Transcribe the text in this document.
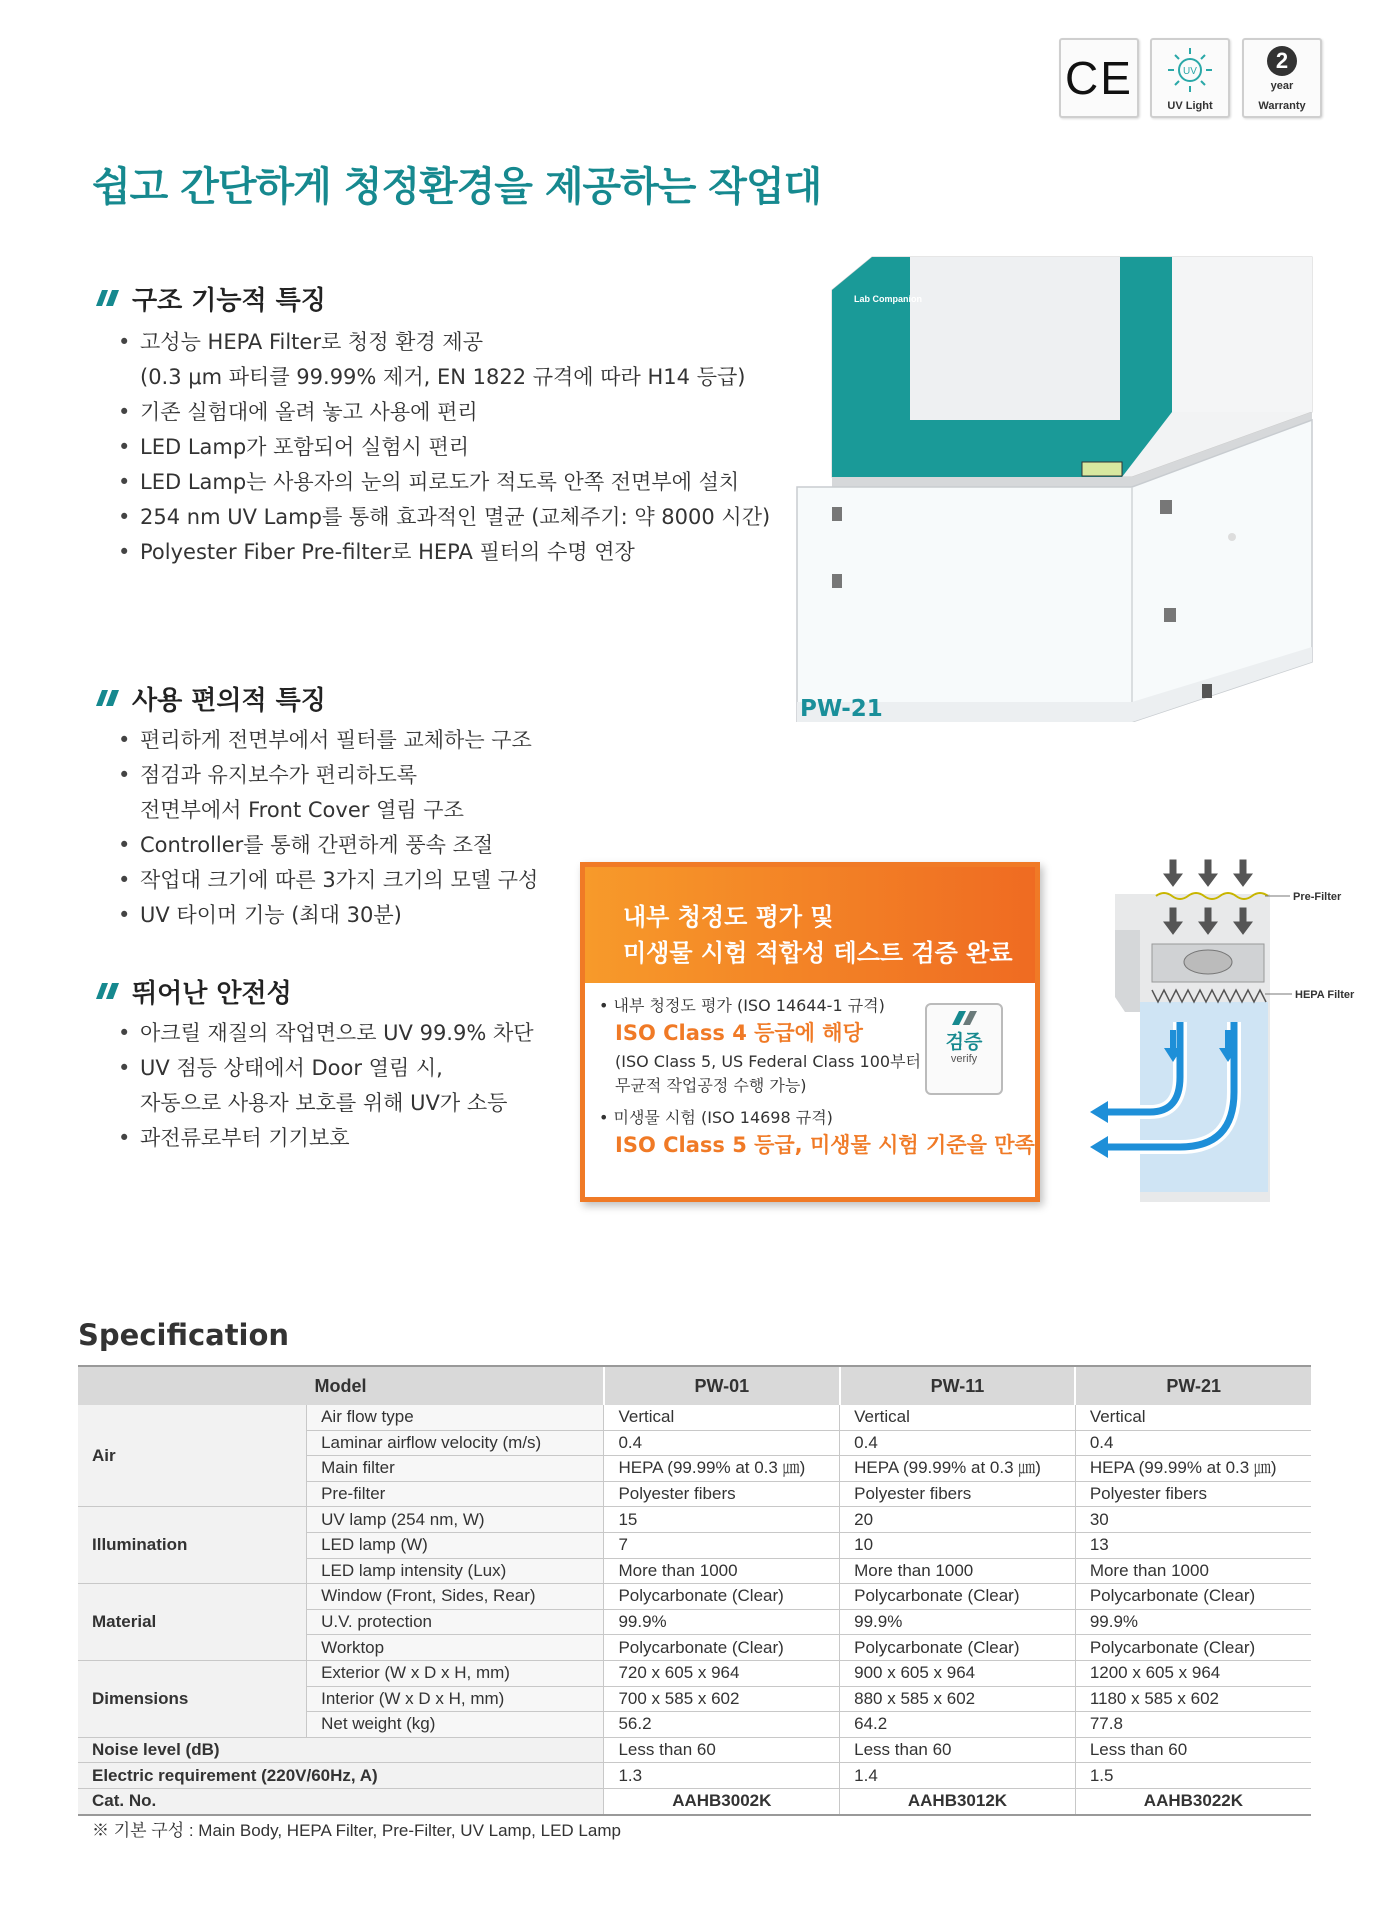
CE	UV
UV Light
2
year
Warranty
쉽고 간단하게 청정환경을 제공하는 작업대
구조 기능적 특징
• 고성능 HEPA Filter로 청정 환경 제공
(0.3 μm 파티클 99.99% 제거, EN 1822 규격에 따라 H14 등급)
• 기존 실험대에 올려 놓고 사용에 편리
• LED Lamp가 포함되어 실험시 편리
• LED Lamp는 사용자의 눈의 피로도가 적도록 안쪽 전면부에 설치
• 254 nm UV Lamp를 통해 효과적인 멸균 (교체주기: 약 8000 시간)
• Polyester Fiber Pre-filter로 HEPA 필터의 수명 연장
사용 편의적 특징
• 편리하게 전면부에서 필터를 교체하는 구조
• 점검과 유지보수가 편리하도록
전면부에서 Front Cover 열림 구조
• Controller를 통해 간편하게 풍속 조절
• 작업대 크기에 따른 3가지 크기의 모델 구성
• UV 타이머 기능 (최대 30분)
뛰어난 안전성
• 아크릴 재질의 작업면으로 UV 99.9% 차단
• UV 점등 상태에서 Door 열림 시,
자동으로 사용자 보호를 위해 UV가 소등
• 과전류로부터 기기보호
Lab Companion
PW-21
내부 청정도 평가 및
미생물 시험 적합성 테스트 검증 완료
• 내부 청정도 평가 (ISO 14644-1 규격)
ISO Class 4 등급에 해당
(ISO Class 5, US Federal Class 100부터
무균적 작업공정 수행 가능)
• 미생물 시험 (ISO 14698 규격)
ISO Class 5 등급, 미생물 시험 기준을 만족
검증
verify
Pre-Filter
HEPA Filter
Specification
Model		PW-01	PW-11	PW-21
Air	Air flow type	Vertical	Vertical	Vertical
	Laminar airflow velocity (m/s)	0.4	0.4	0.4
	Main filter	HEPA (99.99% at 0.3 ㎛)	HEPA (99.99% at 0.3 ㎛)	HEPA (99.99% at 0.3 ㎛)
	Pre-filter	Polyester fibers	Polyester fibers	Polyester fibers
Illumination	UV lamp (254 nm, W)	15	20	30
	LED lamp (W)	7	10	13
	LED lamp intensity (Lux)	More than 1000	More than 1000	More than 1000
Material	Window (Front, Sides, Rear)	Polycarbonate (Clear)	Polycarbonate (Clear)	Polycarbonate (Clear)
	U.V. protection	99.9%	99.9%	99.9%
	Worktop	Polycarbonate (Clear)	Polycarbonate (Clear)	Polycarbonate (Clear)
Dimensions	Exterior (W x D x H, mm)	720 x 605 x 964	900 x 605 x 964	1200 x 605 x 964
	Interior (W x D x H, mm)	700 x 585 x 602	880 x 585 x 602	1180 x 585 x 602
	Net weight (kg)	56.2	64.2	77.8
Noise level (dB)		Less than 60	Less than 60	Less than 60
Electric requirement (220V/60Hz, A)		1.3	1.4	1.5
Cat. No.		AAHB3002K	AAHB3012K	AAHB3022K
※ 기본 구성 : Main Body, HEPA Filter, Pre-Filter, UV Lamp, LED Lamp
